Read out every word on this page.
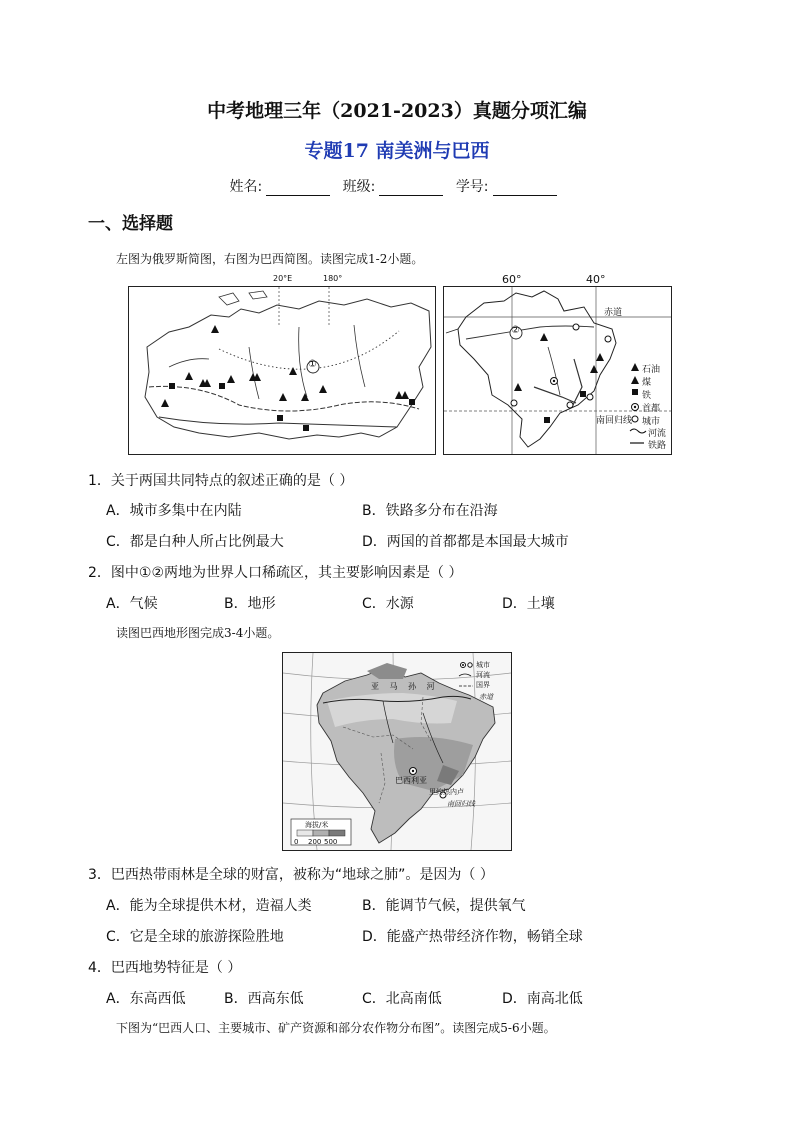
中考地理三年（2021-2023）真题分项汇编
专题17 南美洲与巴西
姓名:	班级:	学号:
一、选择题
左图为俄罗斯简图，右图为巴西简图。读图完成1-2小题。
20°E	180°
①
60°	40°
赤道
南回归线
②
石油
煤
铁
首都
城市
河流
铁路
1．关于两国共同特点的叙述正确的是（ ）
A．城市多集中在内陆	B．铁路多分布在沿海
C．都是白种人所占比例最大	D．两国的首都都是本国最大城市
2．图中①②两地为世界人口稀疏区，其主要影响因素是（ ）
A．气候	B．地形	C．水源	D．土壤
读图巴西地形图完成3-4小题。
城市
河流
国界
赤道
亚 马 孙 河
巴西利亚
里约热内卢
南回归线
海拔/米
0 200 500
3．巴西热带雨林是全球的财富，被称为“地球之肺”。是因为（ ）
A．能为全球提供木材，造福人类	B．能调节气候，提供氧气
C．它是全球的旅游探险胜地	D．能盛产热带经济作物，畅销全球
4．巴西地势特征是（ ）
A．东高西低	B．西高东低	C．北高南低	D．南高北低
下图为“巴西人口、主要城市、矿产资源和部分农作物分布图”。读图完成5-6小题。
